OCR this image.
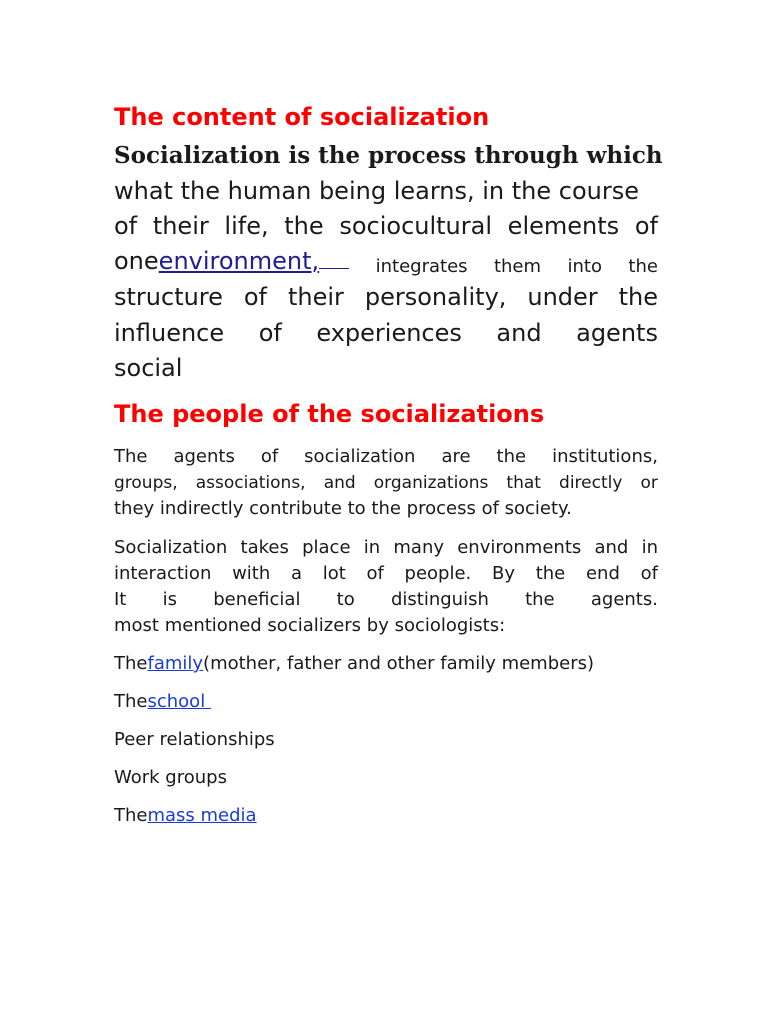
The content of socialization
Socialization is the process through which
what the human being learns, in the course
of their life, the sociocultural elements of
one environment ,	integrates them into the
structure of their personality, under the
influence of experiences and agents
social
The people of the socializations
The agents of socialization are the institutions,
groups, associations, and organizations that directly or
they indirectly contribute to the process of society.
Socialization takes place in many environments and in
interaction with a lot of people. By the end of
It is beneficial to distinguish the agents.
most mentioned socializers by sociologists:
Thefamily(mother, father and other family members)
Theschool
Peer relationships
Work groups
Themass media
